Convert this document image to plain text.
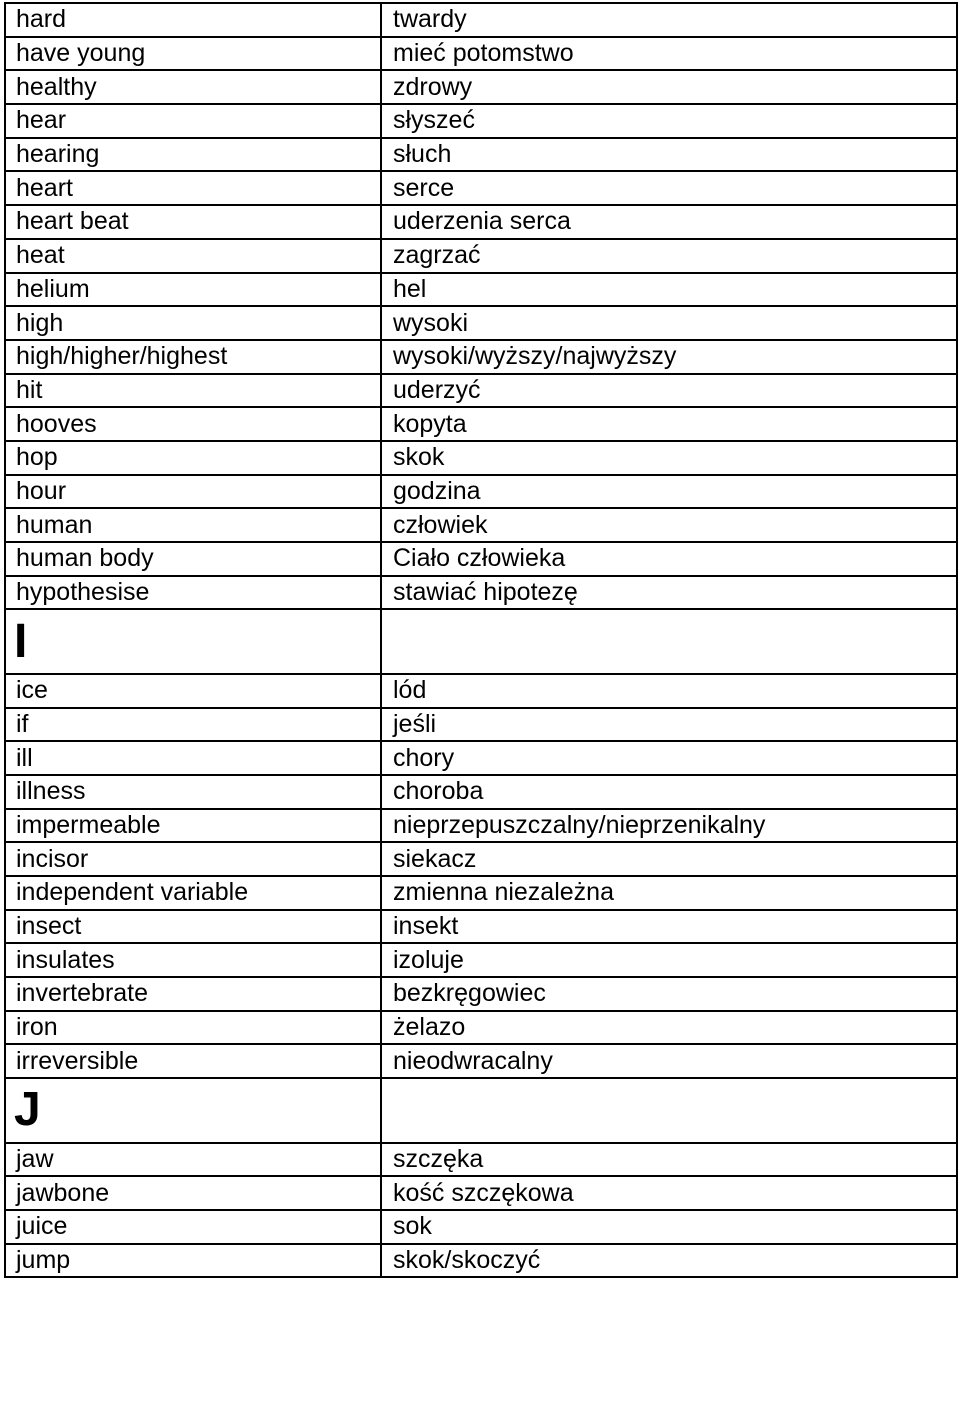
hard	twardy
have young	mieć potomstwo
healthy	zdrowy
hear	słyszeć
hearing	słuch
heart	serce
heart beat	uderzenia serca
heat	zagrzać
helium	hel
high	wysoki
high/higher/highest	wysoki/wyższy/najwyższy
hit	uderzyć
hooves	kopyta
hop	skok
hour	godzina
human	człowiek
human body	Ciało człowieka
hypothesise	stawiać hipotezę
I	
ice	lód
if	jeśli
ill	chory
illness	choroba
impermeable	nieprzepuszczalny/nieprzenikalny
incisor	siekacz
independent variable	zmienna niezależna
insect	insekt
insulates	izoluje
invertebrate	bezkręgowiec
iron	żelazo
irreversible	nieodwracalny
J	
jaw	szczęka
jawbone	kość szczękowa
juice	sok
jump	skok/skoczyć
